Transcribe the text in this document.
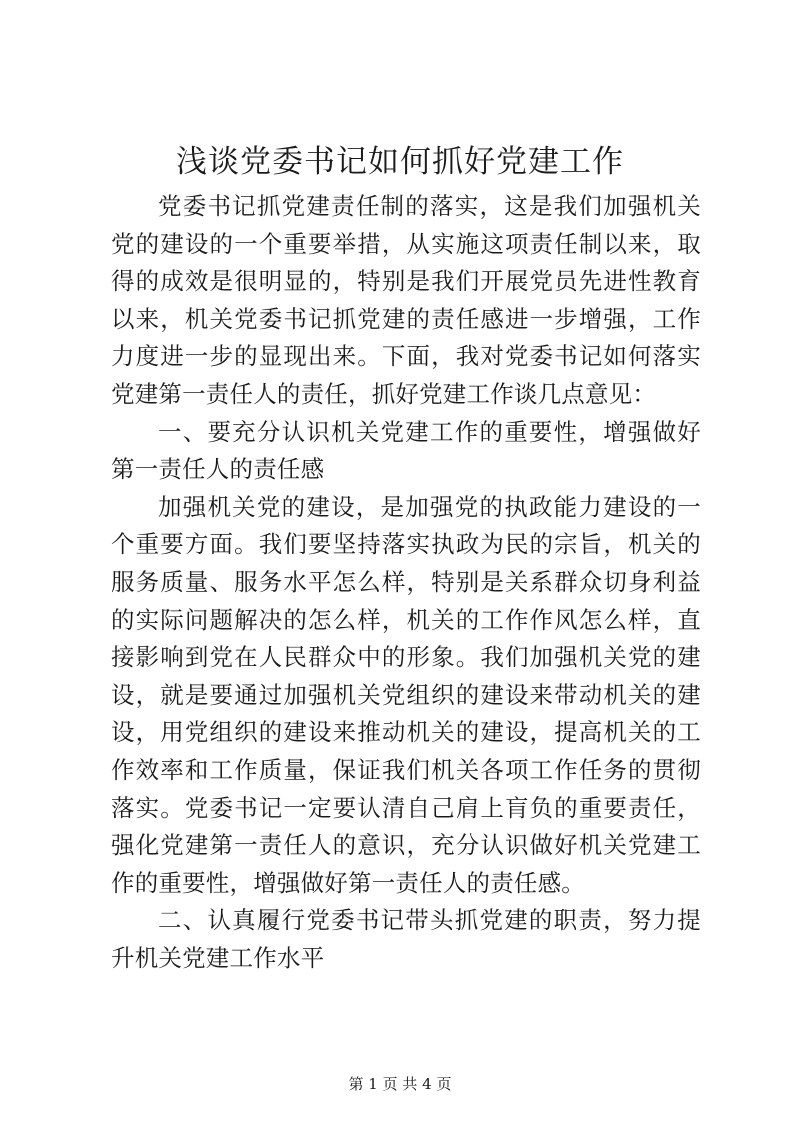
浅谈党委书记如何抓好党建工作

党委书记抓党建责任制的落实，这是我们加强机关党的建设的一个重要举措，从实施这项责任制以来，取得的成效是很明显的，特别是我们开展党员先进性教育以来，机关党委书记抓党建的责任感进一步增强，工作力度进一步的显现出来。下面，我对党委书记如何落实党建第一责任人的责任，抓好党建工作谈几点意见：

一、要充分认识机关党建工作的重要性，增强做好第一责任人的责任感

加强机关党的建设，是加强党的执政能力建设的一个重要方面。我们要坚持落实执政为民的宗旨，机关的服务质量、服务水平怎么样，特别是关系群众切身利益的实际问题解决的怎么样，机关的工作作风怎么样，直接影响到党在人民群众中的形象。我们加强机关党的建设，就是要通过加强机关党组织的建设来带动机关的建设，用党组织的建设来推动机关的建设，提高机关的工作效率和工作质量，保证我们机关各项工作任务的贯彻落实。党委书记一定要认清自己肩上肓负的重要责任，强化党建第一责任人的意识，充分认识做好机关党建工作的重要性，增强做好第一责任人的责任感。

二、认真履行党委书记带头抓党建的职责，努力提升机关党建工作水平

第 1 页 共 4 页
